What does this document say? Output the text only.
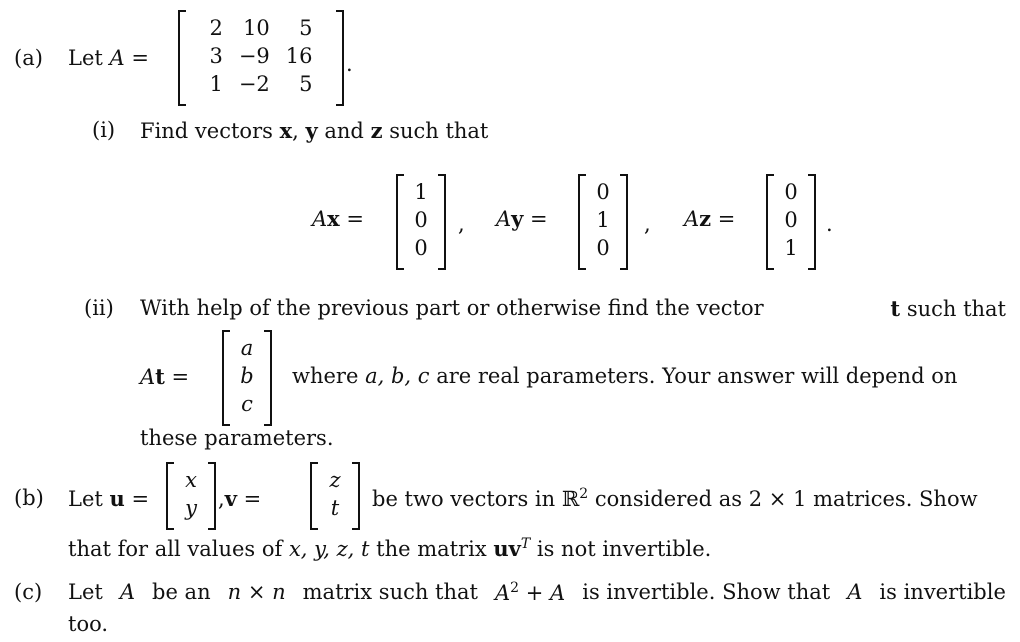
(a) Let A =
2	10	5
3	−9	16
1	−2	5
.
(i) Find vectors x, y and z such that
Ax =
1
0
0
, Ay =
0
1
0
, Az =
0
0
1
.
(ii) With help of the previous part or otherwise find the vector	t such that
At =
a
b
c
where a, b, c are real parameters. Your answer will depend on
these parameters.
(b) Let u =
x
y ,v =
z
t be two vectors in ℝ$^2$ considered as 2 × 1 matrices. Show
that for all values of x, y, z, t the matrix $uv^T$ is not invertible.
(c) Let A be an n × n matrix such that $A^2 + A$ is invertible. Show that A is invertible
too.
